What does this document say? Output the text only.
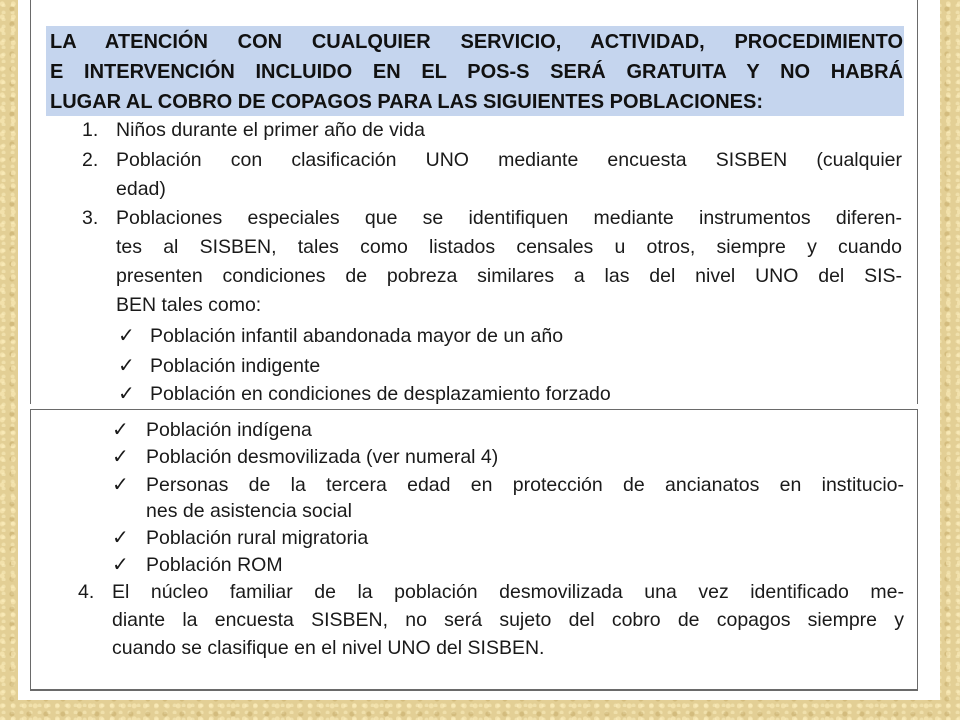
LA ATENCIÓN CON CUALQUIER SERVICIO, ACTIVIDAD, PROCEDIMIENTO
E INTERVENCIÓN INCLUIDO EN EL POS-S SERÁ GRATUITA Y NO HABRÁ
LUGAR AL COBRO DE COPAGOS PARA LAS SIGUIENTES POBLACIONES:
1. Niños durante el primer año de vida
2. Población con clasificación UNO mediante encuesta SISBEN (cualquier
edad)
3. Poblaciones especiales que se identifiquen mediante instrumentos diferen-
tes al SISBEN, tales como listados censales u otros, siempre y cuando
presenten condiciones de pobreza similares a las del nivel UNO del SIS-
BEN tales como:
✓ Población infantil abandonada mayor de un año
✓ Población indigente
✓ Población en condiciones de desplazamiento forzado
✓ Población indígena
✓ Población desmovilizada (ver numeral 4)
✓ Personas de la tercera edad en protección de ancianatos en institucio-
nes de asistencia social
✓ Población rural migratoria
✓ Población ROM
4. El núcleo familiar de la población desmovilizada una vez identificado me-
diante la encuesta SISBEN, no será sujeto del cobro de copagos siempre y
cuando se clasifique en el nivel UNO del SISBEN.
